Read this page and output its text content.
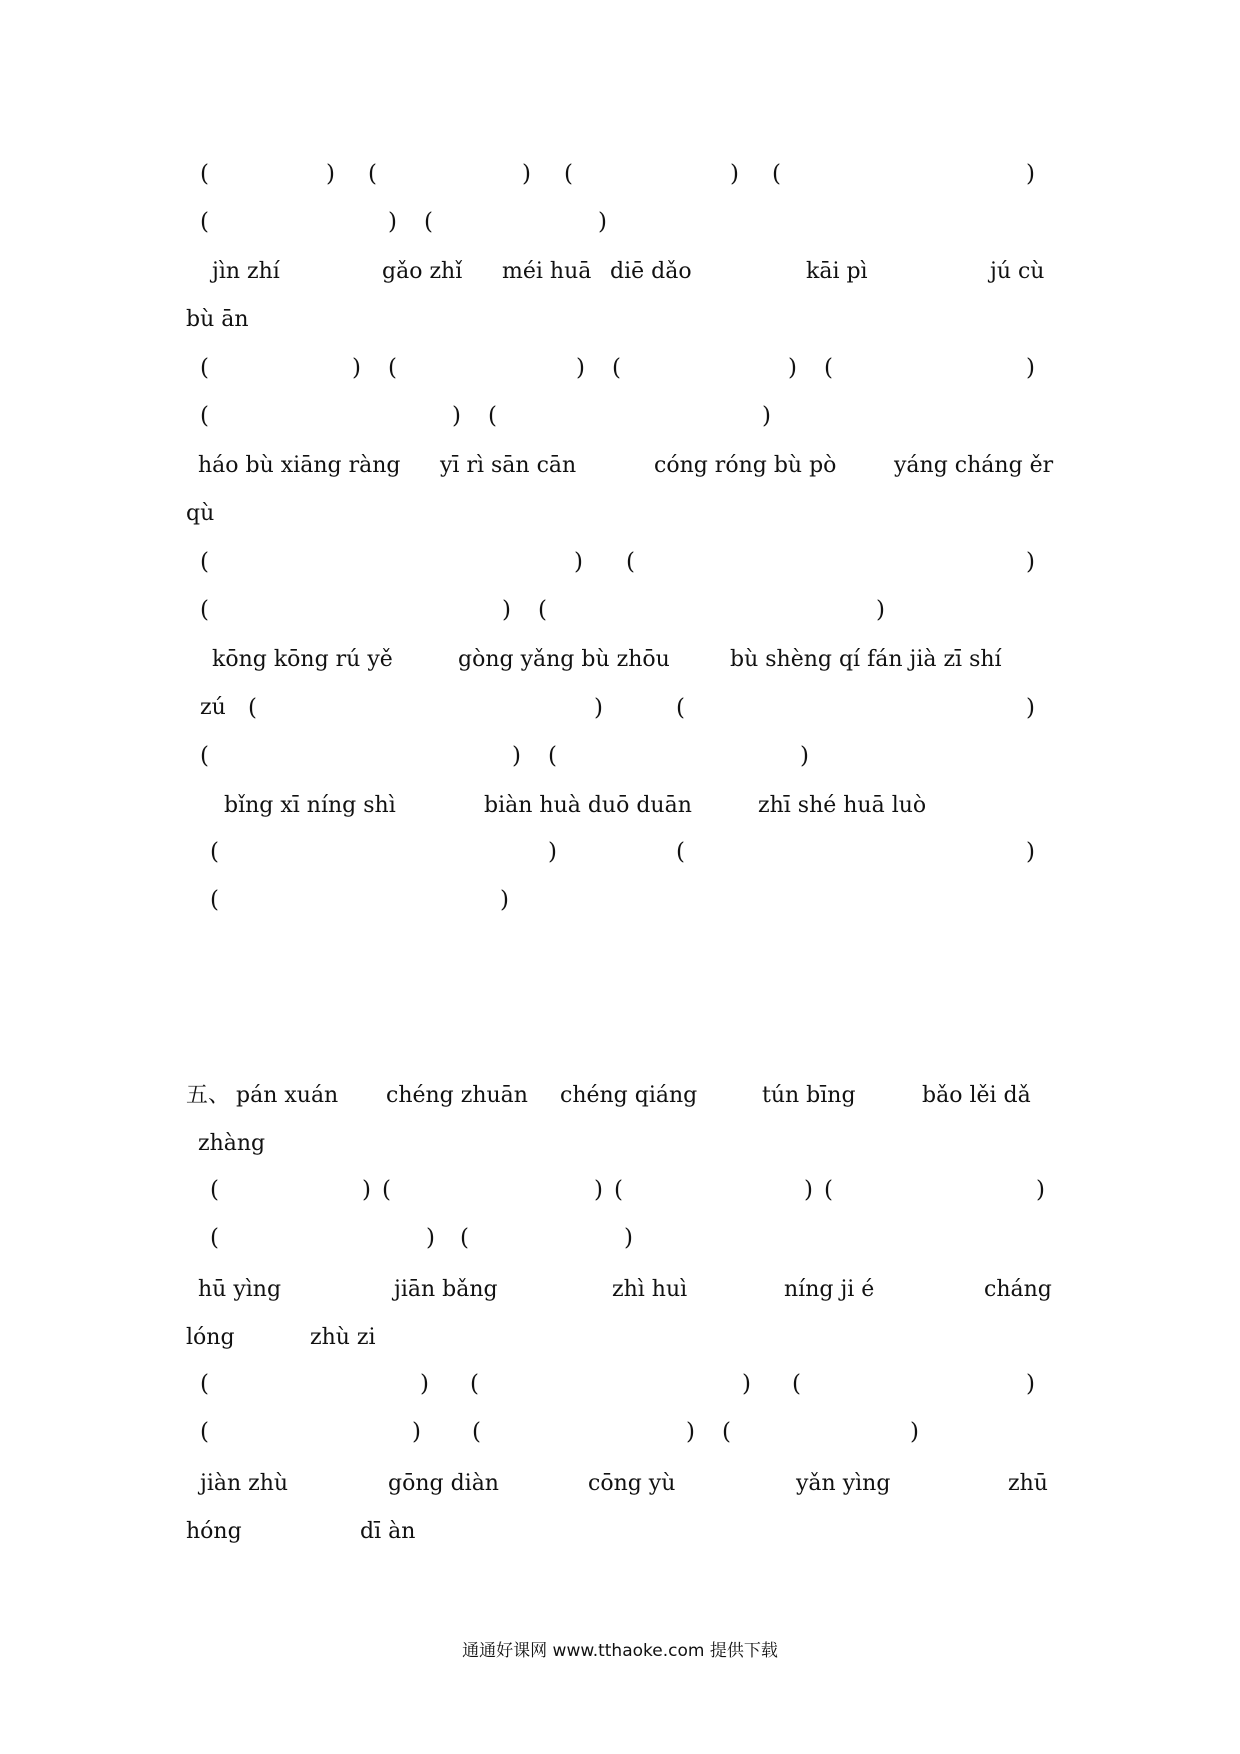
(	) (	) (	) (	)
(	) (	)
jìn zhí	gǎo zhǐ méi huā diē dǎo	kāi pì	jú cù
bù ān
(	) (	) (	) (	)
(	) (	)
háo bù xiāng ràng yī rì sān cān	cóng róng bù pò	yáng cháng ěr
qù
(	) (	)
(	) (	)
kōng kōng rú yě	gòng yǎng bù zhōu	bù shèng qí fán jià zī shí
zú (	)	(	)
(	) (	)
bǐng xī níng shì	biàn huà duō duān	zhī shé huā luò
(	)	(	)
(	)
五、 pán xuán chéng zhuān chéng qiáng	tún bīng	bǎo lěi dǎ
zhàng
(	) (	) (	) (	)
(	) (	)
hū yìng	jiān bǎng	zhì huì	níng ji é	cháng
lóng	zhù zi
(	) (	) (	)
(	) (	) (	)
jiàn zhù	gōng diàn	cōng yù	yǎn yìng	zhū
hóng	dī àn
通通好课网 www.tthaoke.com 提供下载
